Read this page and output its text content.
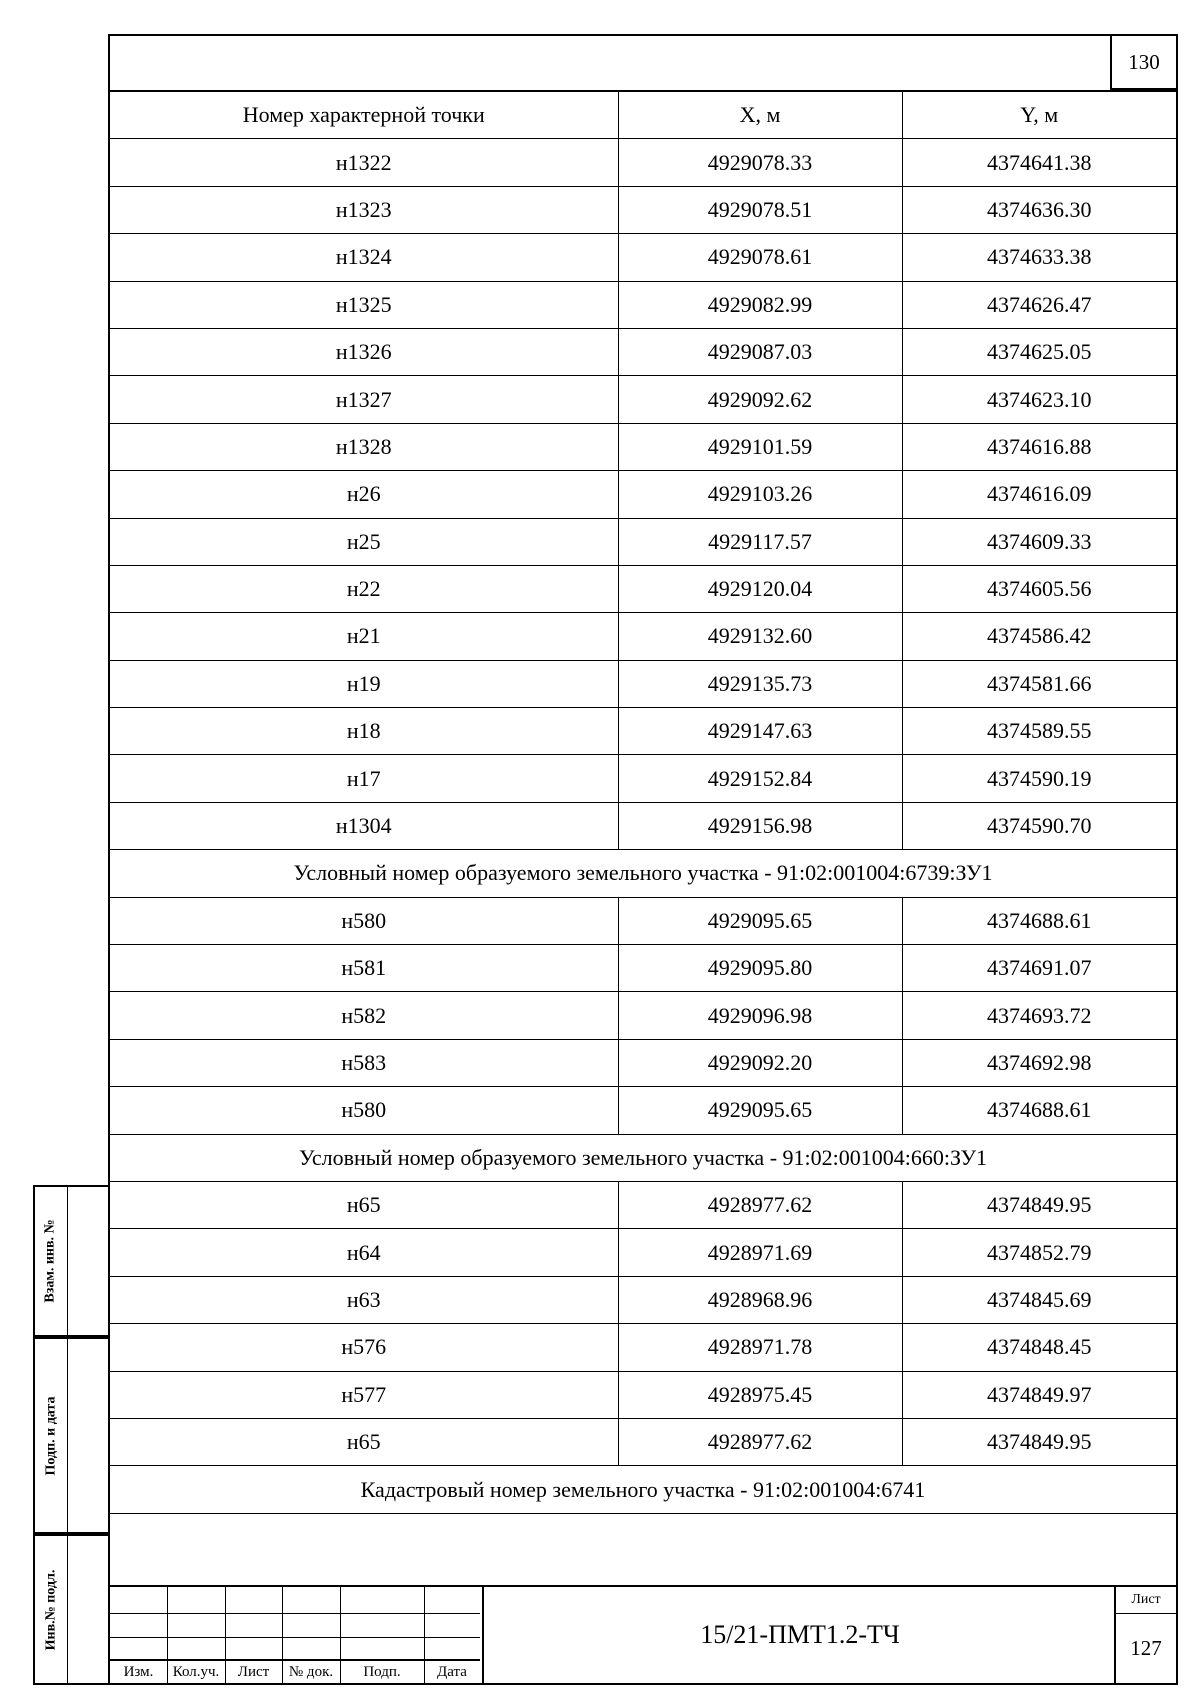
Взам. инв. №
Подп. и дата
Инв.№ подл.
130
Номер характерной точки	X, м	Y, м
н1322	4929078.33	4374641.38
н1323	4929078.51	4374636.30
н1324	4929078.61	4374633.38
н1325	4929082.99	4374626.47
н1326	4929087.03	4374625.05
н1327	4929092.62	4374623.10
н1328	4929101.59	4374616.88
н26	4929103.26	4374616.09
н25	4929117.57	4374609.33
н22	4929120.04	4374605.56
н21	4929132.60	4374586.42
н19	4929135.73	4374581.66
н18	4929147.63	4374589.55
н17	4929152.84	4374590.19
н1304	4929156.98	4374590.70
Условный номер образуемого земельного участка - 91:02:001004:6739:ЗУ1		
н580	4929095.65	4374688.61
н581	4929095.80	4374691.07
н582	4929096.98	4374693.72
н583	4929092.20	4374692.98
н580	4929095.65	4374688.61
Условный номер образуемого земельного участка - 91:02:001004:660:ЗУ1		
н65	4928977.62	4374849.95
н64	4928971.69	4374852.79
н63	4928968.96	4374845.69
н576	4928971.78	4374848.45
н577	4928975.45	4374849.97
н65	4928977.62	4374849.95
Кадастровый номер земельного участка - 91:02:001004:6741		
Изм.	Кол.уч.	Лист	№ док.	Подп.	Дата
15/21-ПМТ1.2-ТЧ
Лист
127
